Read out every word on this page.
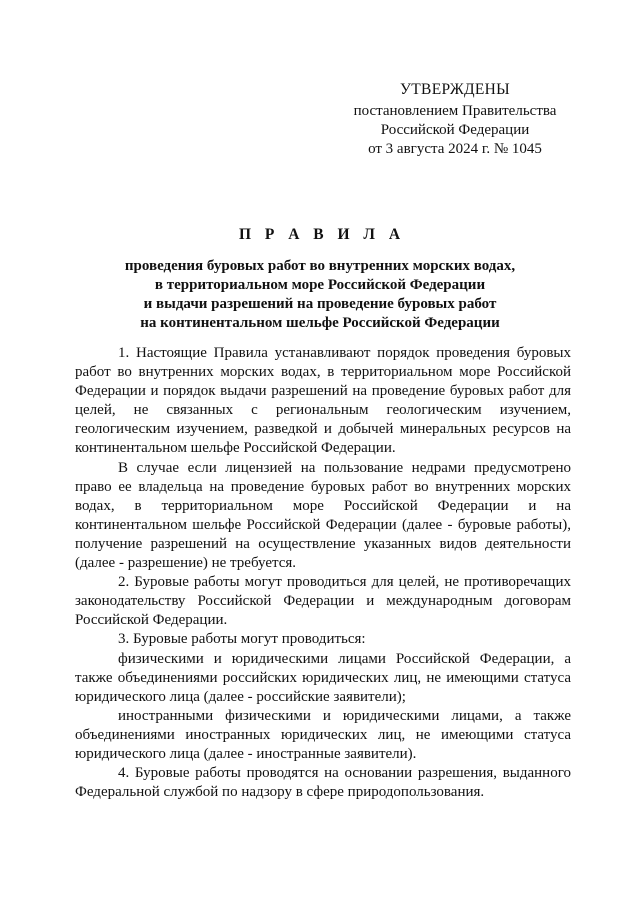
УТВЕРЖДЕНЫ
постановлением Правительства
Российской Федерации
от 3 августа 2024 г. № 1045
П Р А В И Л А
проведения буровых работ во внутренних морских водах,
в территориальном море Российской Федерации
и выдачи разрешений на проведение буровых работ
на континентальном шельфе Российской Федерации

1. Настоящие Правила устанавливают порядок проведения буровых работ во внутренних морских водах, в территориальном море Российской Федерации и порядок выдачи разрешений на проведение буровых работ для целей, не связанных с региональным геологическим изучением, геологическим изучением, разведкой и добычей минеральных ресурсов на континентальном шельфе Российской Федерации.

В случае если лицензией на пользование недрами предусмотрено право ее владельца на проведение буровых работ во внутренних морских водах, в территориальном море Российской Федерации и на континентальном шельфе Российской Федерации (далее - буровые работы), получение разрешений на осуществление указанных видов деятельности (далее - разрешение) не требуется.

2. Буровые работы могут проводиться для целей, не противоречащих законодательству Российской Федерации и международным договорам Российской Федерации.

3. Буровые работы могут проводиться:

физическими и юридическими лицами Российской Федерации, а также объединениями российских юридических лиц, не имеющими статуса юридического лица (далее - российские заявители);

иностранными физическими и юридическими лицами, а также объединениями иностранных юридических лиц, не имеющими статуса юридического лица (далее - иностранные заявители).

4. Буровые работы проводятся на основании разрешения, выданного Федеральной службой по надзору в сфере природопользования.
